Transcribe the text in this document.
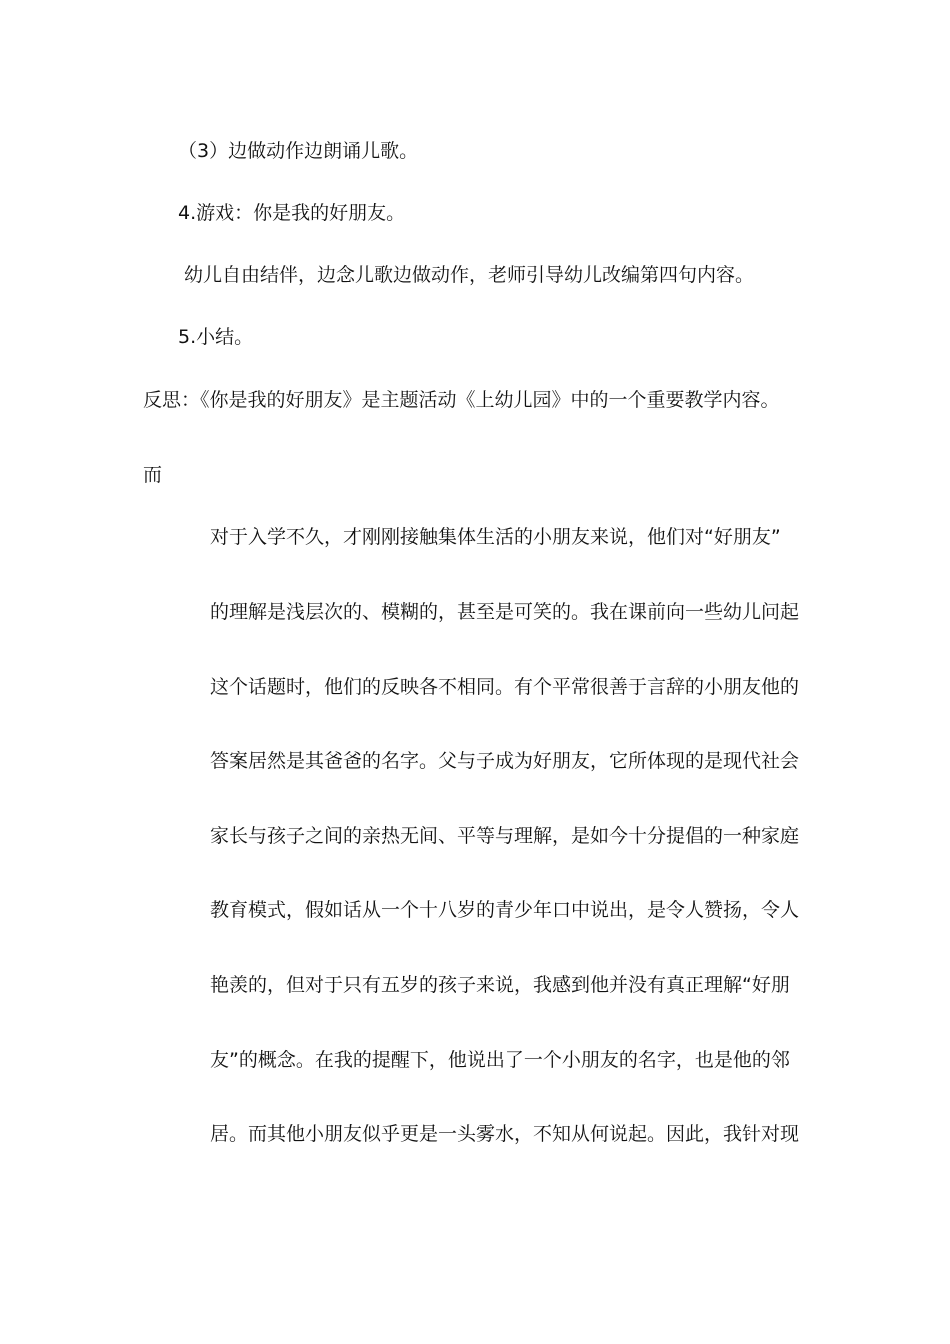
（3）边做动作边朗诵儿歌。
4.游戏：你是我的好朋友。
幼儿自由结伴，边念儿歌边做动作，老师引导幼儿改编第四句内容。
5.小结。
反思：《你是我的好朋友》是主题活动《上幼儿园》中的一个重要教学内容。
而
对于入学不久，才刚刚接触集体生活的小朋友来说，他们对“好朋友”
的理解是浅层次的、模糊的，甚至是可笑的。我在课前向一些幼儿问起
这个话题时，他们的反映各不相同。有个平常很善于言辞的小朋友他的
答案居然是其爸爸的名字。父与子成为好朋友，它所体现的是现代社会
家长与孩子之间的亲热无间、平等与理解，是如今十分提倡的一种家庭
教育模式，假如话从一个十八岁的青少年口中说出，是令人赞扬，令人
艳羡的，但对于只有五岁的孩子来说，我感到他并没有真正理解“好朋
友”的概念。在我的提醒下，他说出了一个小朋友的名字，也是他的邻
居。而其他小朋友似乎更是一头雾水，不知从何说起。因此，我针对现
